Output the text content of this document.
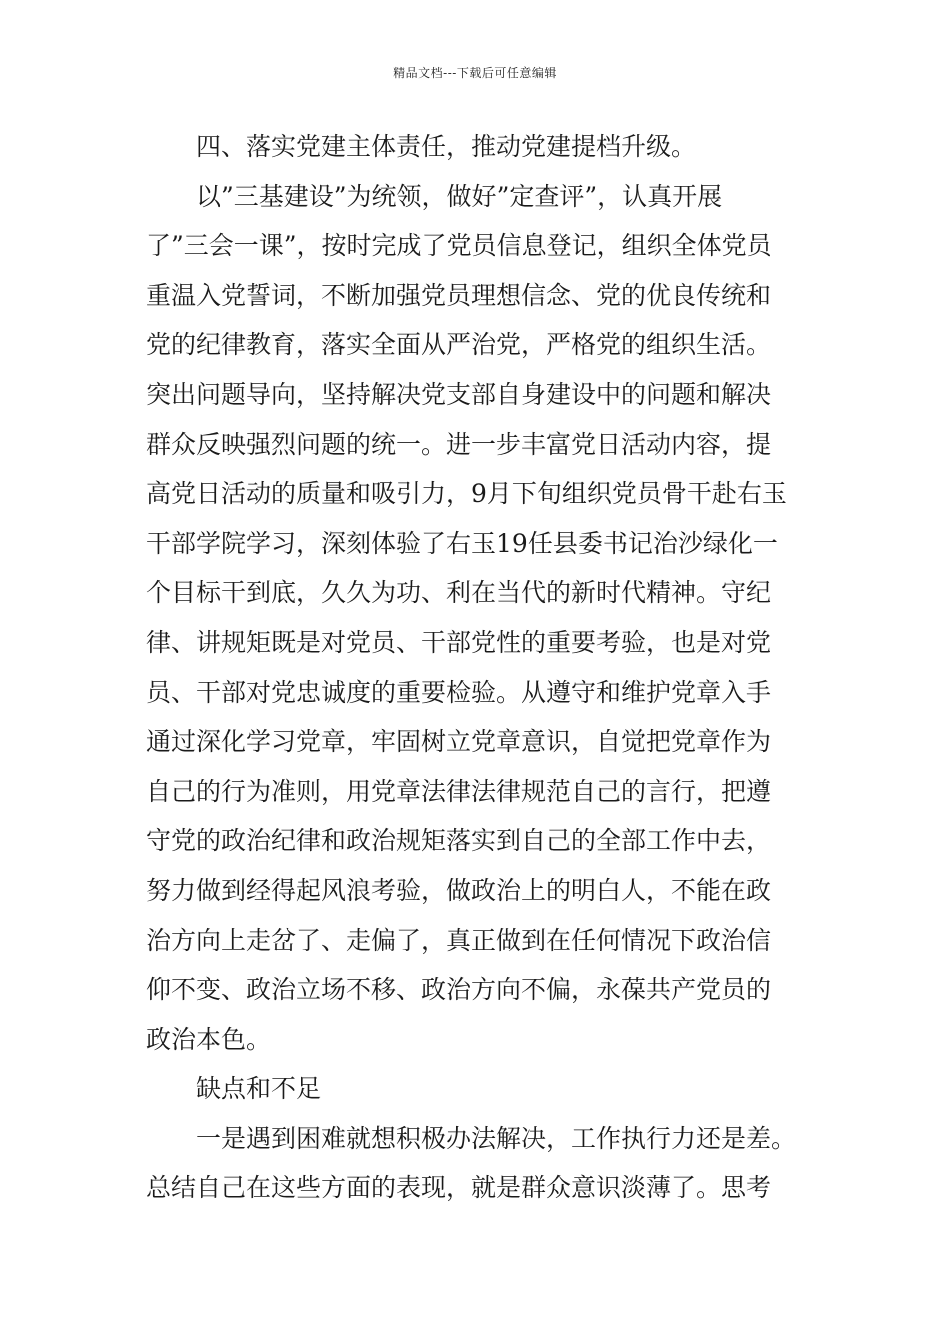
精品文档---下载后可任意编辑
四、落实党建主体责任，推动党建提档升级。
以”三基建设”为统领，做好”定查评”，认真开展
了”三会一课”，按时完成了党员信息登记，组织全体党员
重温入党誓词，不断加强党员理想信念、党的优良传统和
党的纪律教育，落实全面从严治党，严格党的组织生活。
突出问题导向，坚持解决党支部自身建设中的问题和解决
群众反映强烈问题的统一。进一步丰富党日活动内容，提
高党日活动的质量和吸引力，9月下旬组织党员骨干赴右玉
干部学院学习，深刻体验了右玉19任县委书记治沙绿化一
个目标干到底，久久为功、利在当代的新时代精神。守纪
律、讲规矩既是对党员、干部党性的重要考验，也是对党
员、干部对党忠诚度的重要检验。从遵守和维护党章入手
通过深化学习党章，牢固树立党章意识，自觉把党章作为
自己的行为准则，用党章法律法律规范自己的言行，把遵
守党的政治纪律和政治规矩落实到自己的全部工作中去，
努力做到经得起风浪考验，做政治上的明白人，不能在政
治方向上走岔了、走偏了，真正做到在任何情况下政治信
仰不变、政治立场不移、政治方向不偏，永葆共产党员的
政治本色。
缺点和不足
一是遇到困难就想积极办法解决，工作执行力还是差。
总结自己在这些方面的表现，就是群众意识淡薄了。思考
